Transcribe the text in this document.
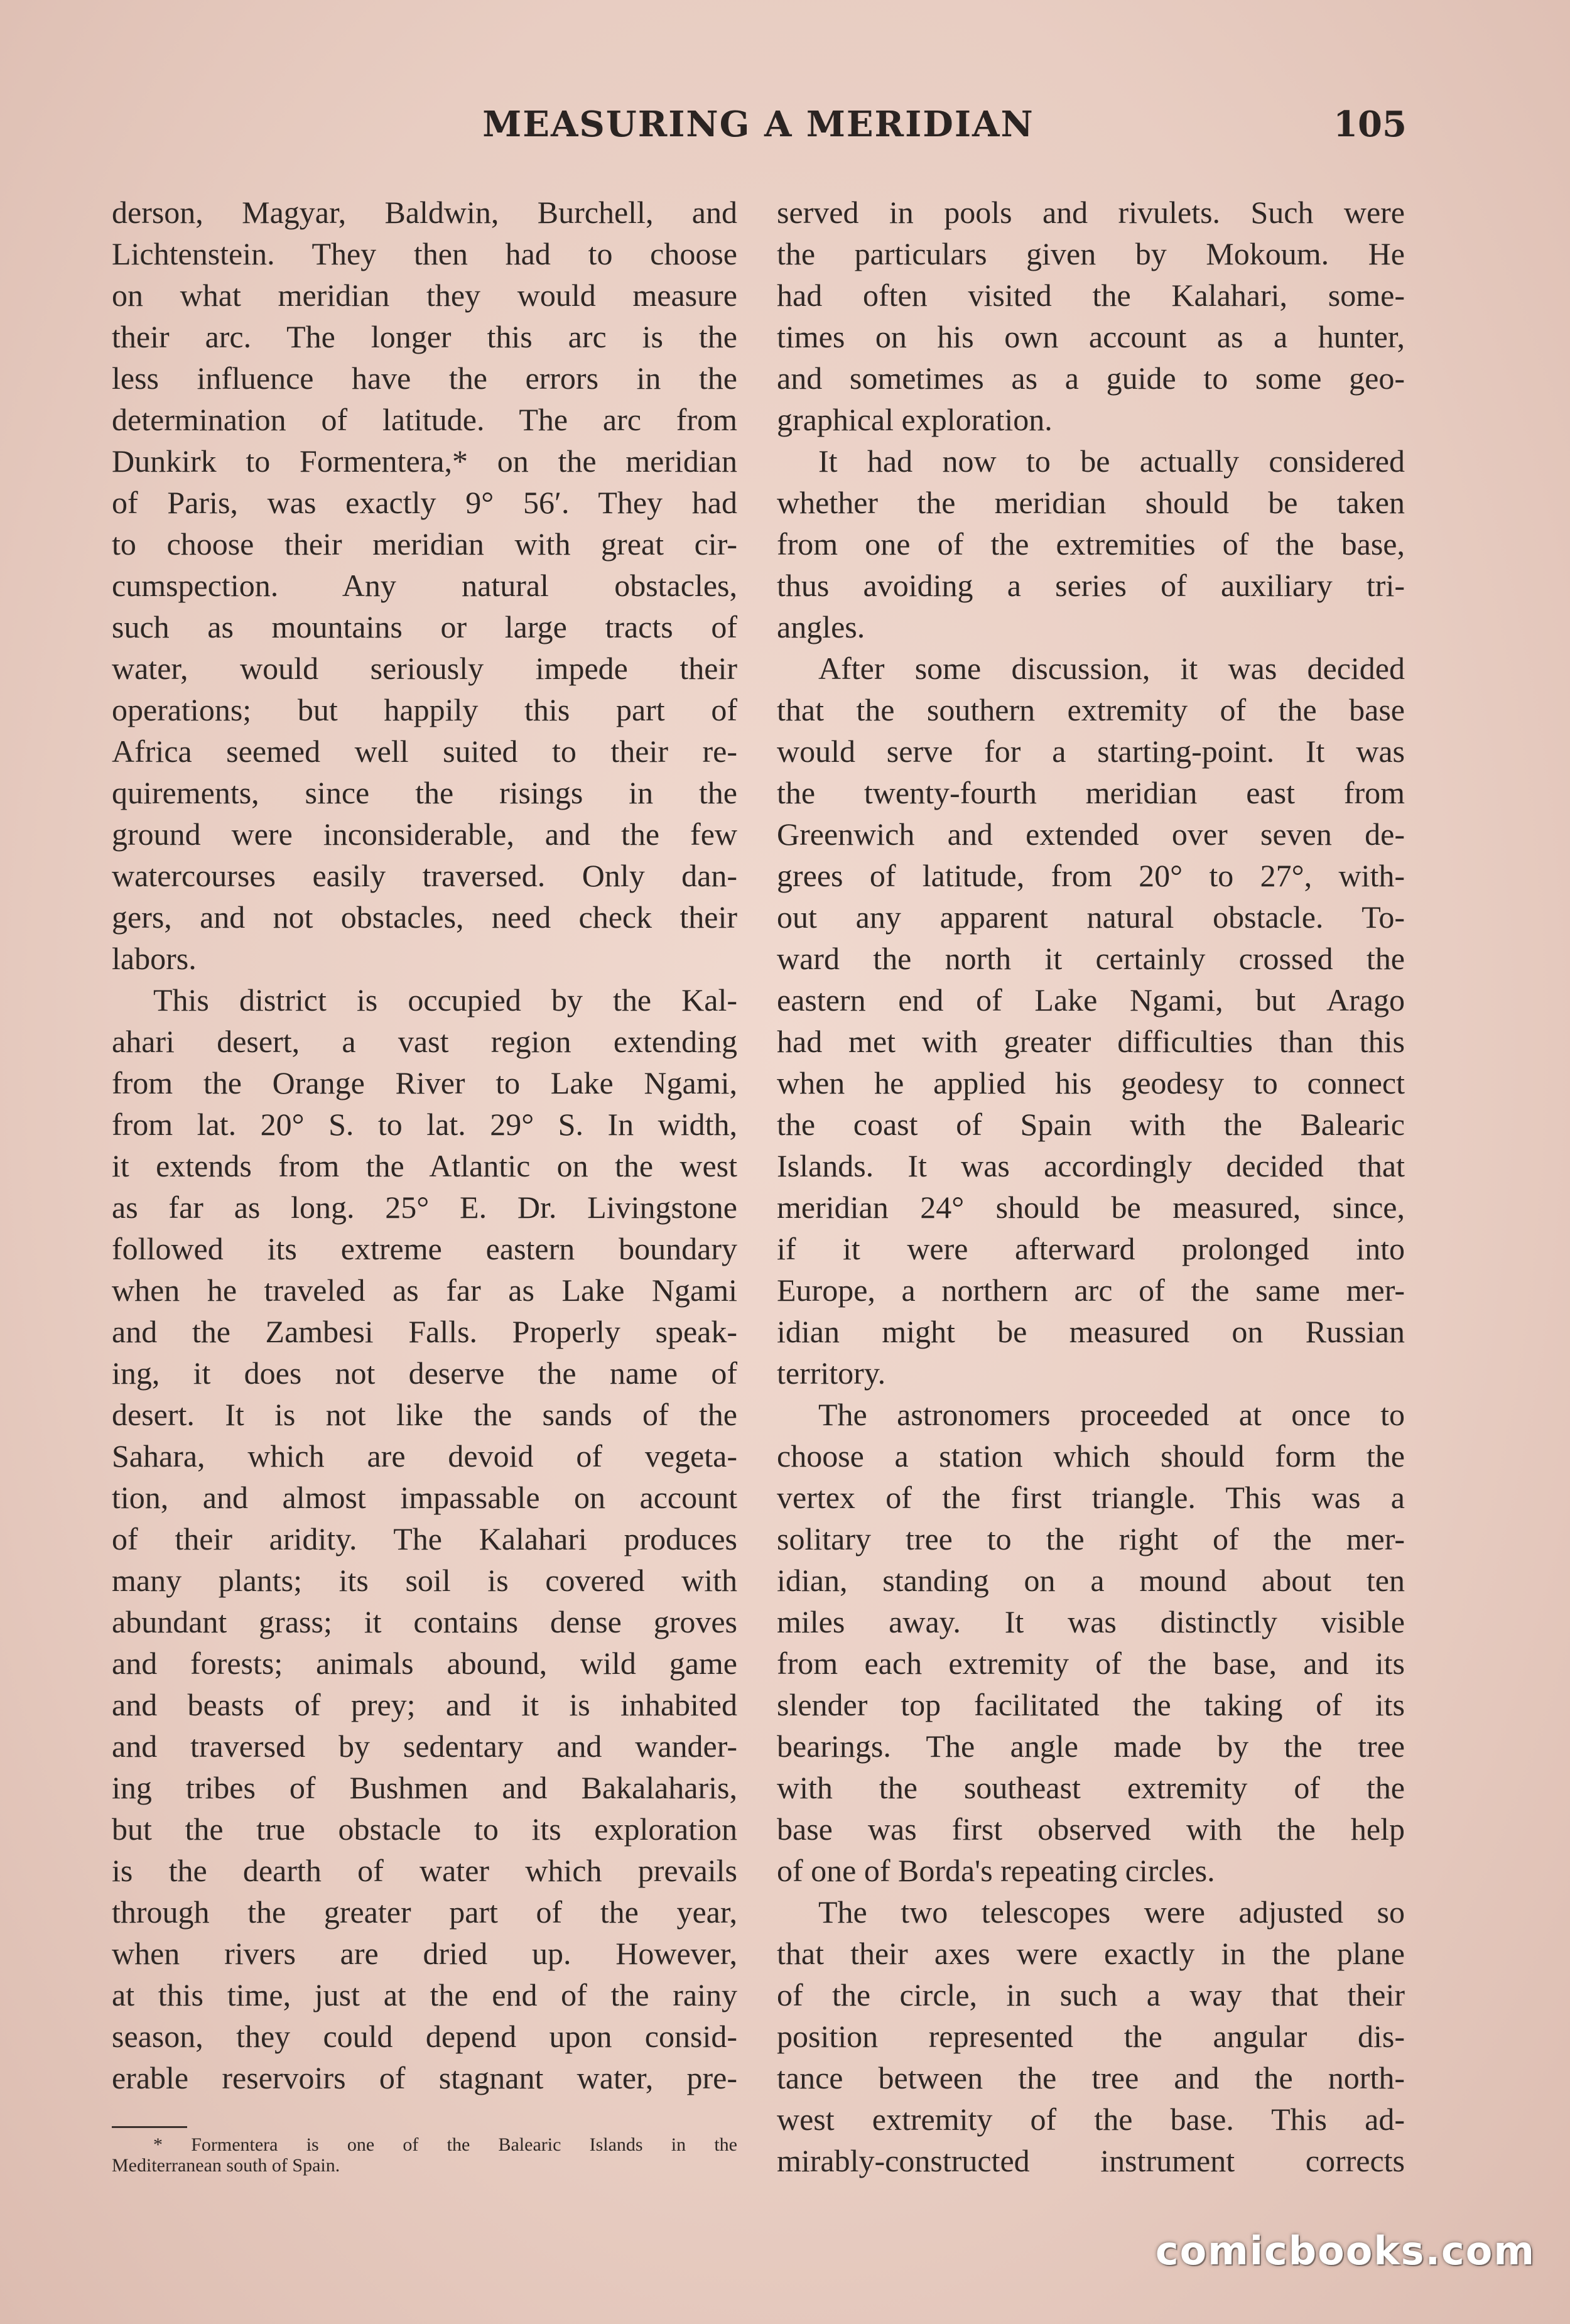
MEASURING A MERIDIAN	105
derson, Magyar, Baldwin, Burchell, and
Lichtenstein. They then had to choose
on what meridian they would measure
their arc. The longer this arc is the
less influence have the errors in the
determination of latitude. The arc from
Dunkirk to Formentera,* on the meridian
of Paris, was exactly 9° 56′. They had
to choose their meridian with great cir-
cumspection. Any natural obstacles,
such as mountains or large tracts of
water, would seriously impede their
operations; but happily this part of
Africa seemed well suited to their re-
quirements, since the risings in the
ground were inconsiderable, and the few
watercourses easily traversed. Only dan-
gers, and not obstacles, need check their
labors.
This district is occupied by the Kal-
ahari desert, a vast region extending
from the Orange River to Lake Ngami,
from lat. 20° S. to lat. 29° S. In width,
it extends from the Atlantic on the west
as far as long. 25° E. Dr. Livingstone
followed its extreme eastern boundary
when he traveled as far as Lake Ngami
and the Zambesi Falls. Properly speak-
ing, it does not deserve the name of
desert. It is not like the sands of the
Sahara, which are devoid of vegeta-
tion, and almost impassable on account
of their aridity. The Kalahari produces
many plants; its soil is covered with
abundant grass; it contains dense groves
and forests; animals abound, wild game
and beasts of prey; and it is inhabited
and traversed by sedentary and wander-
ing tribes of Bushmen and Bakalaharis,
but the true obstacle to its exploration
is the dearth of water which prevails
through the greater part of the year,
when rivers are dried up. However,
at this time, just at the end of the rainy
season, they could depend upon consid-
erable reservoirs of stagnant water, pre-
served in pools and rivulets. Such were
the particulars given by Mokoum. He
had often visited the Kalahari, some-
times on his own account as a hunter,
and sometimes as a guide to some geo-
graphical exploration.
It had now to be actually considered
whether the meridian should be taken
from one of the extremities of the base,
thus avoiding a series of auxiliary tri-
angles.
After some discussion, it was decided
that the southern extremity of the base
would serve for a starting-point. It was
the twenty-fourth meridian east from
Greenwich and extended over seven de-
grees of latitude, from 20° to 27°, with-
out any apparent natural obstacle. To-
ward the north it certainly crossed the
eastern end of Lake Ngami, but Arago
had met with greater difficulties than this
when he applied his geodesy to connect
the coast of Spain with the Balearic
Islands. It was accordingly decided that
meridian 24° should be measured, since,
if it were afterward prolonged into
Europe, a northern arc of the same mer-
idian might be measured on Russian
territory.
The astronomers proceeded at once to
choose a station which should form the
vertex of the first triangle. This was a
solitary tree to the right of the mer-
idian, standing on a mound about ten
miles away. It was distinctly visible
from each extremity of the base, and its
slender top facilitated the taking of its
bearings. The angle made by the tree
with the southeast extremity of the
base was first observed with the help
of one of Borda's repeating circles.
The two telescopes were adjusted so
that their axes were exactly in the plane
of the circle, in such a way that their
position represented the angular dis-
tance between the tree and the north-
west extremity of the base. This ad-
mirably-constructed instrument corrects
* Formentera is one of the Balearic Islands in the
Mediterranean south of Spain.
comicbooks.com
